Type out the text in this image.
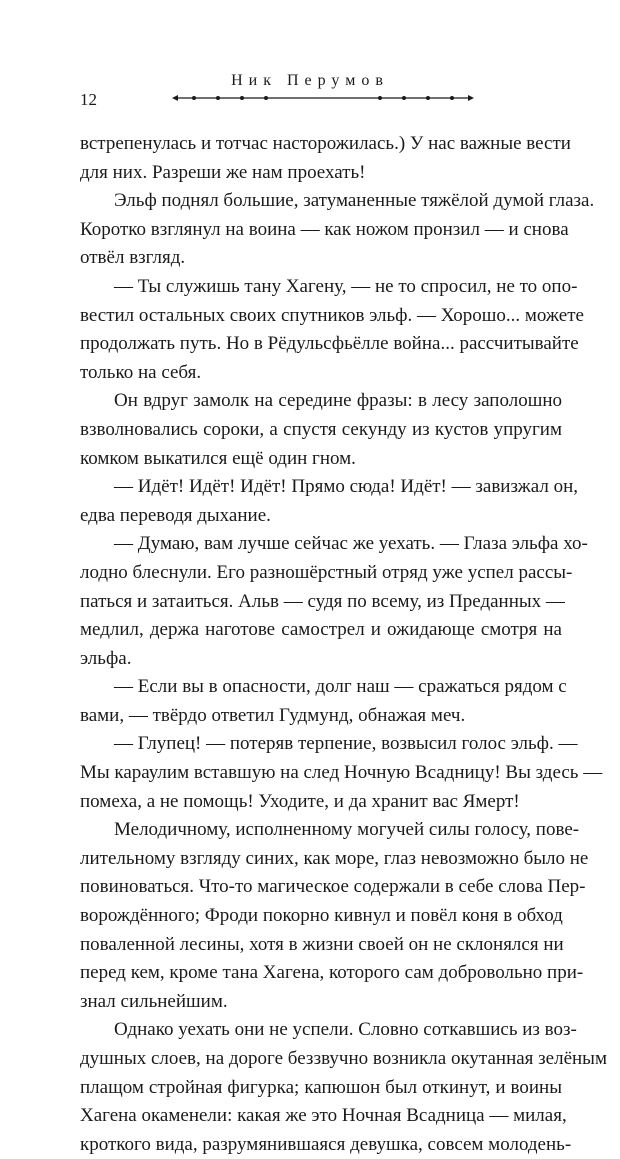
Ник Перумов
12
встрепенулась и тотчас насторожилась.) У нас важные вести
для них. Разреши же нам проехать!
Эльф поднял большие, затуманенные тяжёлой думой глаза.
Коротко взглянул на воина — как ножом пронзил — и снова
отвёл взгляд.
— Ты служишь тану Хагену, — не то спросил, не то опо-
вестил остальных своих спутников эльф. — Хорошо... можете
продолжать путь. Но в Рёдульсфьёлле война... рассчитывайте
только на себя.
Он вдруг замолк на середине фразы: в лесу заполошно
взволновались сороки, а спустя секунду из кустов упругим
комком выкатился ещё один гном.
— Идёт! Идёт! Идёт! Прямо сюда! Идёт! — завизжал он,
едва переводя дыхание.
— Думаю, вам лучше сейчас же уехать. — Глаза эльфа хо-
лодно блеснули. Его разношёрстный отряд уже успел рассы-
паться и затаиться. Альв — судя по всему, из Преданных —
медлил, держа наготове самострел и ожидающе смотря на
эльфа.
— Если вы в опасности, долг наш — сражаться рядом с
вами, — твёрдо ответил Гудмунд, обнажая меч.
— Глупец! — потеряв терпение, возвысил голос эльф. —
Мы караулим вставшую на след Ночную Всадницу! Вы здесь —
помеха, а не помощь! Уходите, и да хранит вас Ямерт!
Мелодичному, исполненному могучей силы голосу, пове-
лительному взгляду синих, как море, глаз невозможно было не
повиноваться. Что-то магическое содержали в себе слова Пер-
ворождённого; Фроди покорно кивнул и повёл коня в обход
поваленной лесины, хотя в жизни своей он не склонялся ни
перед кем, кроме тана Хагена, которого сам добровольно при-
знал сильнейшим.
Однако уехать они не успели. Словно соткавшись из воз-
душных слоев, на дороге беззвучно возникла окутанная зелёным
плащом стройная фигурка; капюшон был откинут, и воины
Хагена окаменели: какая же это Ночная Всадница — милая,
кроткого вида, разрумянившаяся девушка, совсем молодень-
